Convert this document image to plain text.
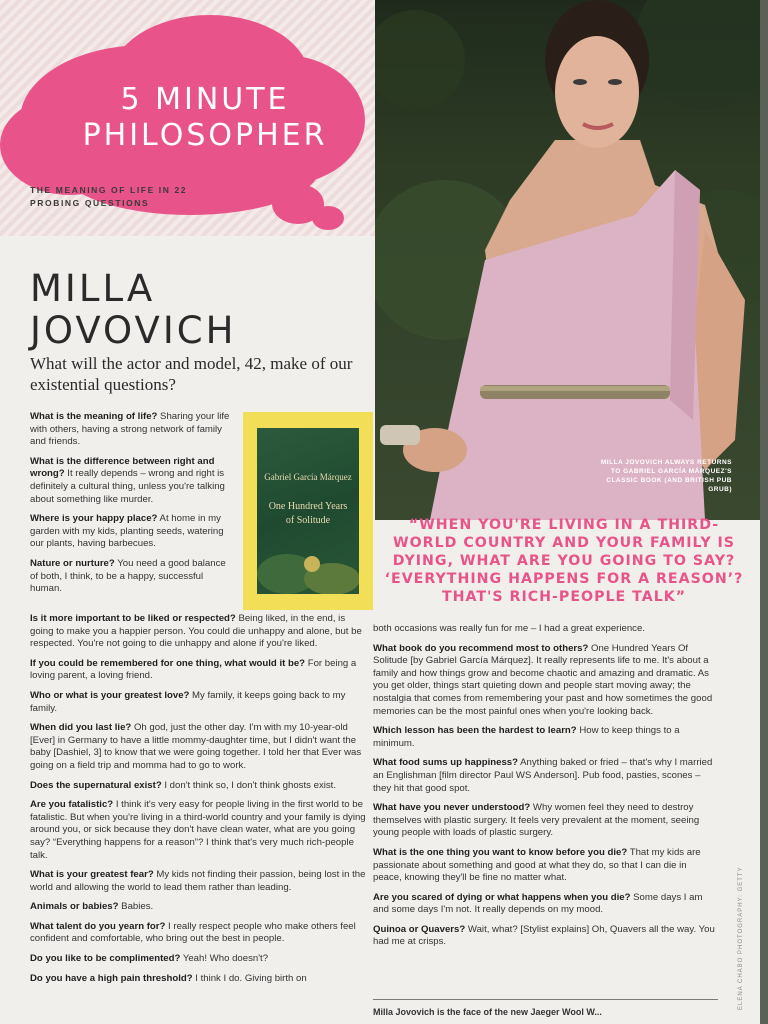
5 MINUTE
PHILOSOPHER
THE MEANING OF LIFE IN 22 PROBING QUESTIONS
MILLA JOVOVICH ALWAYS RETURNS TO GABRIEL GARCÍA MÁRQUEZ'S CLASSIC BOOK (AND BRITISH PUB GRUB)
MILLA
JOVOVICH
What will the actor and model, 42, make of our existential questions?
Gabriel García Márquez
One Hundred Years of Solitude

What is the meaning of life? Sharing your life with others, having a strong network of family and friends.

What is the difference between right and wrong? It really depends – wrong and right is definitely a cultural thing, unless you're talking about something like murder.

Where is your happy place? At home in my garden with my kids, planting seeds, watering our plants, having barbecues.

Nature or nurture? You need a good balance of both, I think, to be a happy, successful human.

Is it more important to be liked or respected? Being liked, in the end, is going to make you a happier person. You could die unhappy and alone, but be respected. You're not going to die unhappy and alone if you're liked.

If you could be remembered for one thing, what would it be? For being a loving parent, a loving friend.

Who or what is your greatest love? My family, it keeps going back to my family.

When did you last lie? Oh god, just the other day. I'm with my 10-year-old [Ever] in Germany to have a little mommy-daughter time, but I didn't want the baby [Dashiel, 3] to know that we were going together. I told her that Ever was going on a field trip and momma had to go to work.

Does the supernatural exist? I don't think so, I don't think ghosts exist.

Are you fatalistic? I think it's very easy for people living in the first world to be fatalistic. But when you're living in a third-world country and your family is dying around you, or sick because they don't have clean water, what are you going say? “Everything happens for a reason”? I think that's very much rich-people talk.

What is your greatest fear? My kids not finding their passion, being lost in the world and allowing the world to lead them rather than leading.

Animals or babies? Babies.

What talent do you yearn for? I really respect people who make others feel confident and comfortable, who bring out the best in people.

Do you like to be complimented? Yeah! Who doesn't?

Do you have a high pain threshold? I think I do. Giving birth on

both occasions was really fun for me – I had a great experience.

What book do you recommend most to others? One Hundred Years Of Solitude [by Gabriel García Márquez]. It really represents life to me. It's about a family and how things grow and become chaotic and amazing and dramatic. As you get older, things start quieting down and people start moving away; the nostalgia that comes from remembering your past and how sometimes the good memories can be the most painful ones when you're looking back.

Which lesson has been the hardest to learn? How to keep things to a minimum.

What food sums up happiness? Anything baked or fried – that's why I married an Englishman [film director Paul WS Anderson]. Pub food, pasties, scones – they hit that good spot.

What have you never understood? Why women feel they need to destroy themselves with plastic surgery. It feels very prevalent at the moment, seeing young people with loads of plastic surgery.

What is the one thing you want to know before you die? That my kids are passionate about something and good at what they do, so that I can die in peace, knowing they'll be fine no matter what.

Are you scared of dying or what happens when you die? Some days I am and some days I'm not. It really depends on my mood.

Quinoa or Quavers? Wait, what? [Stylist explains] Oh, Quavers all the way. You had me at crisps.

“WHEN YOU'RE LIVING IN A THIRD-WORLD COUNTRY AND YOUR FAMILY IS DYING, WHAT ARE YOU GOING TO SAY? ‘EVERYTHING HAPPENS FOR A REASON’? THAT'S RICH-PEOPLE TALK”
Milla Jovovich is the face of the new Jaeger Wool W...
ELENA CHABO PHOTOGRAPHY: GETTY
